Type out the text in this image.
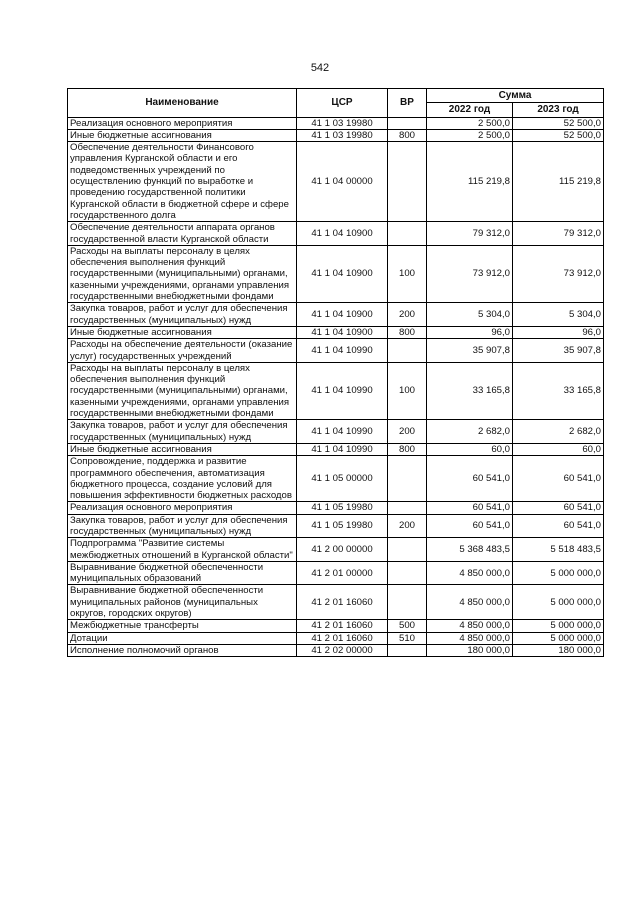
542
Наименование	ЦСР	ВР	Сумма	
			2022 год	2023 год
Реализация основного мероприятия	41 1 03 19980		2 500,0	52 500,0
Иные бюджетные ассигнования	41 1 03 19980	800	2 500,0	52 500,0
Обеспечение деятельности Финансового управления Курганской области и его подведомственных учреждений по осуществлению функций по выработке и проведению государственной политики Курганской области в бюджетной сфере и сфере государственного долга	41 1 04 00000		115 219,8	115 219,8
Обеспечение деятельности аппарата органов государственной власти Курганской области	41 1 04 10900		79 312,0	79 312,0
Расходы на выплаты персоналу в целях обеспечения выполнения функций государственными (муниципальными) органами, казенными учреждениями, органами управления государственными внебюджетными фондами	41 1 04 10900	100	73 912,0	73 912,0
Закупка товаров, работ и услуг для обеспечения государственных (муниципальных) нужд	41 1 04 10900	200	5 304,0	5 304,0
Иные бюджетные ассигнования	41 1 04 10900	800	96,0	96,0
Расходы на обеспечение деятельности (оказание услуг) государственных учреждений	41 1 04 10990		35 907,8	35 907,8
Расходы на выплаты персоналу в целях обеспечения выполнения функций государственными (муниципальными) органами, казенными учреждениями, органами управления государственными внебюджетными фондами	41 1 04 10990	100	33 165,8	33 165,8
Закупка товаров, работ и услуг для обеспечения государственных (муниципальных) нужд	41 1 04 10990	200	2 682,0	2 682,0
Иные бюджетные ассигнования	41 1 04 10990	800	60,0	60,0
Сопровождение, поддержка и развитие программного обеспечения, автоматизация бюджетного процесса, создание условий для повышения эффективности бюджетных расходов	41 1 05 00000		60 541,0	60 541,0
Реализация основного мероприятия	41 1 05 19980		60 541,0	60 541,0
Закупка товаров, работ и услуг для обеспечения государственных (муниципальных) нужд	41 1 05 19980	200	60 541,0	60 541,0
Подпрограмма "Развитие системы межбюджетных отношений в Курганской области"	41 2 00 00000		5 368 483,5	5 518 483,5
Выравнивание бюджетной обеспеченности муниципальных образований	41 2 01 00000		4 850 000,0	5 000 000,0
Выравнивание бюджетной обеспеченности муниципальных районов (муниципальных округов, городских округов)	41 2 01 16060		4 850 000,0	5 000 000,0
Межбюджетные трансферты	41 2 01 16060	500	4 850 000,0	5 000 000,0
Дотации	41 2 01 16060	510	4 850 000,0	5 000 000,0
Исполнение полномочий органов	41 2 02 00000		180 000,0	180 000,0
